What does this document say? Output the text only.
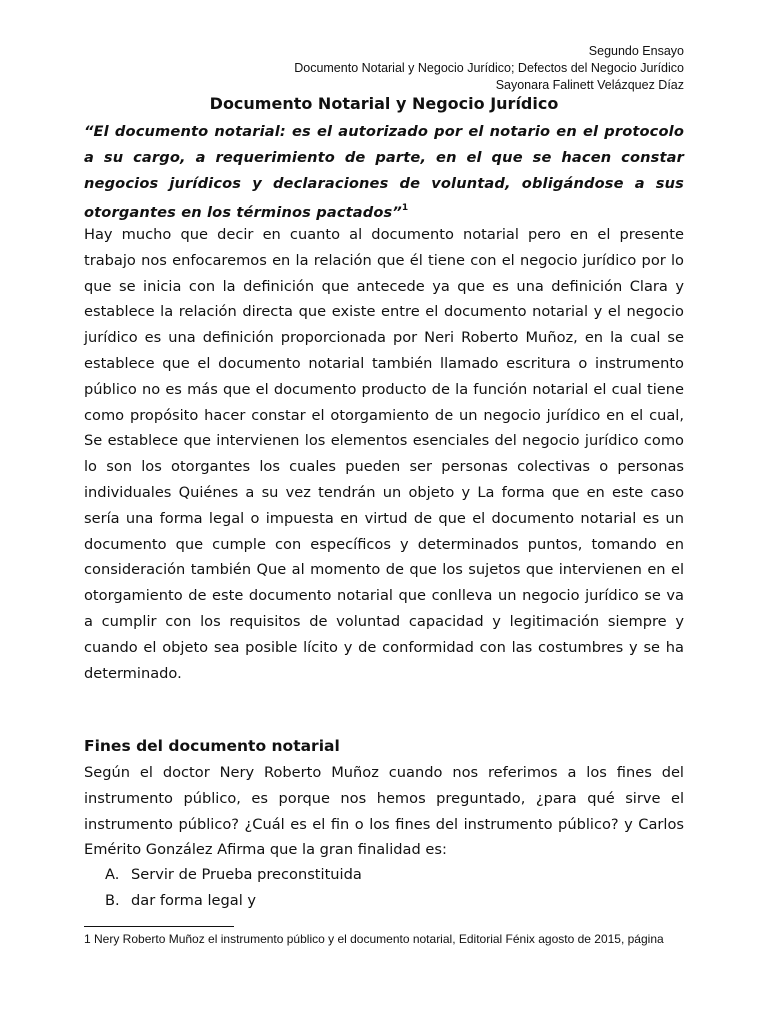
Segundo Ensayo
Documento Notarial y Negocio Jurídico; Defectos del Negocio Jurídico
Sayonara Falinett Velázquez Díaz
Documento Notarial y Negocio Jurídico

“El documento notarial: es el autorizado por el notario en el protocolo a su cargo, a requerimiento de parte, en el que se hacen constar negocios jurídicos y declaraciones de voluntad, obligándose a sus otorgantes en los términos pactados”$^1$

Hay mucho que decir en cuanto al documento notarial pero en el presente trabajo nos enfocaremos en la relación que él tiene con el negocio jurídico por lo que se inicia con la definición que antecede ya que es una definición Clara y establece la relación directa que existe entre el documento notarial y el negocio jurídico es una definición proporcionada por Neri Roberto Muñoz, en la cual se establece que el documento notarial también llamado escritura o instrumento público no es más que el documento producto de la función notarial el cual tiene como propósito hacer constar el otorgamiento de un negocio jurídico en el cual, Se establece que intervienen los elementos esenciales del negocio jurídico como lo son los otorgantes los cuales pueden ser personas colectivas o personas individuales Quiénes a su vez tendrán un objeto y La forma que en este caso sería una forma legal o impuesta en virtud de que el documento notarial es un documento que cumple con específicos y determinados puntos, tomando en consideración también Que al momento de que los sujetos que intervienen en el otorgamiento de este documento notarial que conlleva un negocio jurídico se va a cumplir con los requisitos de voluntad capacidad y legitimación siempre y cuando el objeto sea posible lícito y de conformidad con las costumbres y se ha determinado.

Fines del documento notarial

Según el doctor Nery Roberto Muñoz cuando nos referimos a los fines del instrumento público, es porque nos hemos preguntado, ¿para qué sirve el instrumento público? ¿Cuál es el fin o los fines del instrumento público? y Carlos Emérito González Afirma que la gran finalidad es:

A. Servir de Prueba preconstituida
B. dar forma legal y

1 Nery Roberto Muñoz el instrumento público y el documento notarial, Editorial Fénix agosto de 2015, página
